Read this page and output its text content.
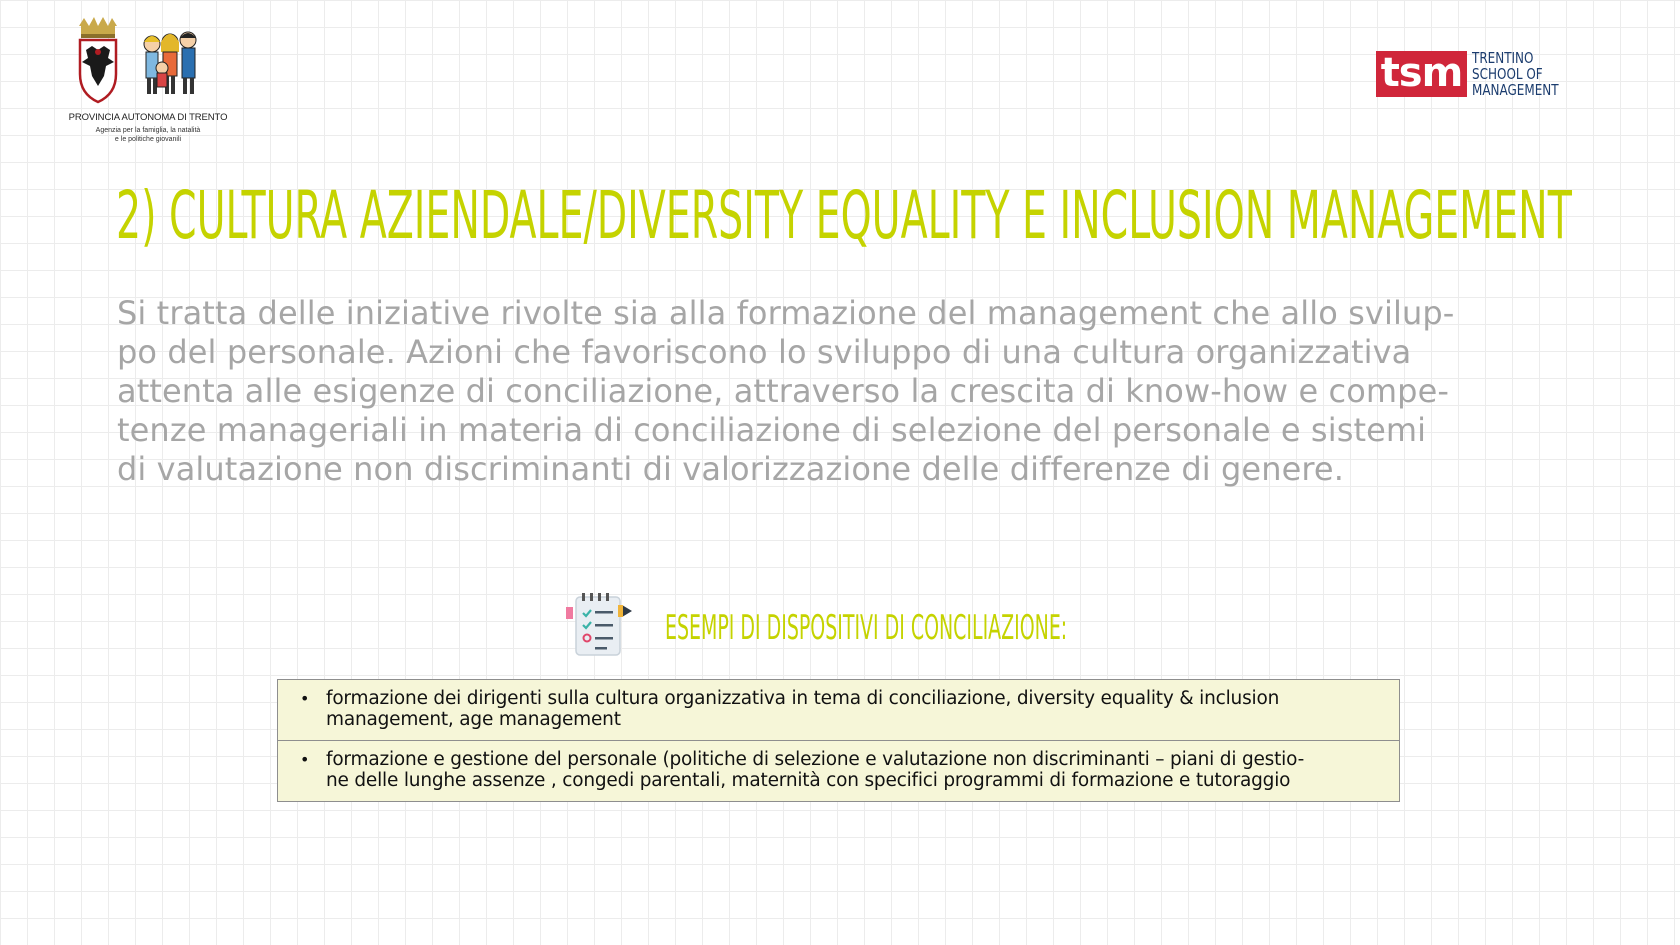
PROVINCIA AUTONOMA DI TRENTO
Agenzia per la famiglia, la natalità
e le politiche giovanili
tsm TRENTINO
SCHOOL OF
MANAGEMENT
2) CULTURA AZIENDALE/DIVERSITY EQUALITY E INCLUSION MANAGEMENT
Si tratta delle iniziative rivolte sia alla formazione del management che allo svilup-
po del personale. Azioni che favoriscono lo sviluppo di una cultura organizzativa
attenta alle esigenze di conciliazione, attraverso la crescita di know-how e compe-
tenze manageriali in materia di conciliazione di selezione del personale e sistemi
di valutazione non discriminanti di valorizzazione delle differenze di genere.
ESEMPI DI DISPOSITIVI DI CONCILIAZIONE:
• formazione dei dirigenti sulla cultura organizzativa in tema di conciliazione, diversity equality & inclusion
management, age management
• formazione e gestione del personale (politiche di selezione e valutazione non discriminanti – piani di gestio-
ne delle lunghe assenze , congedi parentali, maternità con specifici programmi di formazione e tutoraggio
